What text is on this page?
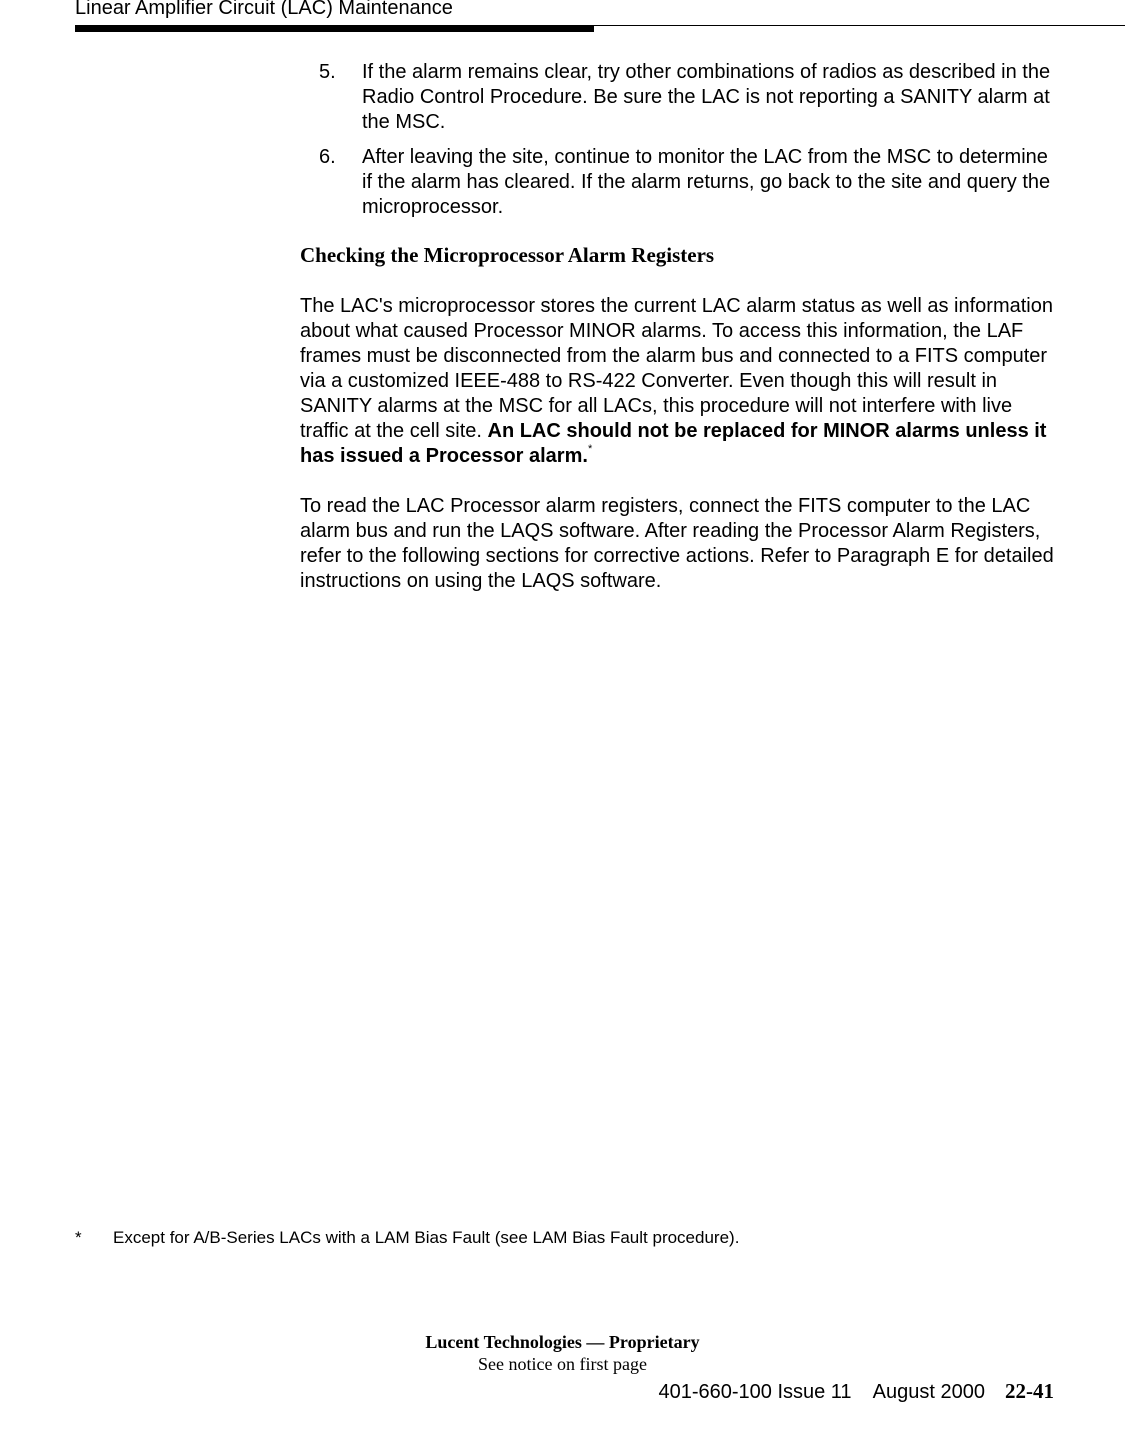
Linear Amplifier Circuit (LAC) Maintenance
5. If the alarm remains clear, try other combinations of radios as described in the Radio Control Procedure. Be sure the LAC is not reporting a SANITY alarm at the MSC.
6. After leaving the site, continue to monitor the LAC from the MSC to determine if the alarm has cleared. If the alarm returns, go back to the site and query the microprocessor.
Checking the Microprocessor Alarm Registers

The LAC's microprocessor stores the current LAC alarm status as well as information about what caused Processor MINOR alarms. To access this information, the LAF frames must be disconnected from the alarm bus and connected to a FITS computer via a customized IEEE-488 to RS-422 Converter. Even though this will result in SANITY alarms at the MSC for all LACs, this procedure will not interfere with live traffic at the cell site. An LAC should not be replaced for MINOR alarms unless it has issued a Processor alarm.*

To read the LAC Processor alarm registers, connect the FITS computer to the LAC alarm bus and run the LAQS software. After reading the Processor Alarm Registers, refer to the following sections for corrective actions. Refer to Paragraph E for detailed instructions on using the LAQS software.

* Except for A/B-Series LACs with a LAM Bias Fault (see LAM Bias Fault procedure).
Lucent Technologies — Proprietary
See notice on first page
401-660-100 Issue 11    August 2000 22-41
